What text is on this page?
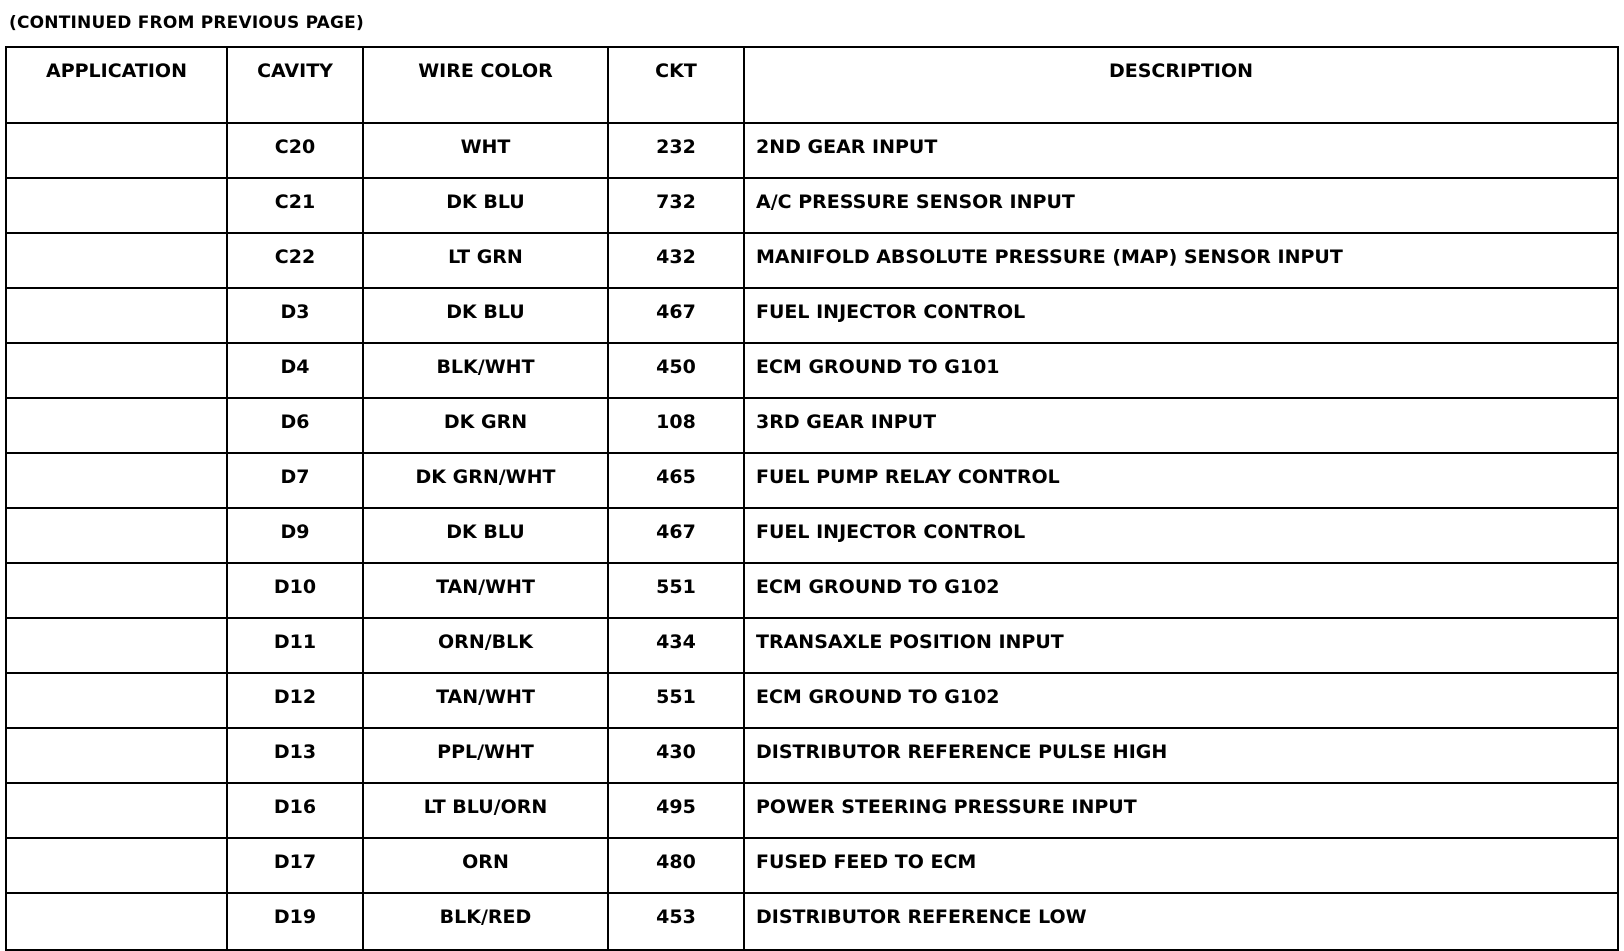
(CONTINUED FROM PREVIOUS PAGE)
APPLICATION	CAVITY	WIRE COLOR	CKT	DESCRIPTION
	C20	WHT	232	2ND GEAR INPUT
	C21	DK BLU	732	A/C PRESSURE SENSOR INPUT
	C22	LT GRN	432	MANIFOLD ABSOLUTE PRESSURE (MAP) SENSOR INPUT
	D3	DK BLU	467	FUEL INJECTOR CONTROL
	D4	BLK/WHT	450	ECM GROUND TO G101
	D6	DK GRN	108	3RD GEAR INPUT
	D7	DK GRN/WHT	465	FUEL PUMP RELAY CONTROL
	D9	DK BLU	467	FUEL INJECTOR CONTROL
	D10	TAN/WHT	551	ECM GROUND TO G102
	D11	ORN/BLK	434	TRANSAXLE POSITION INPUT
	D12	TAN/WHT	551	ECM GROUND TO G102
	D13	PPL/WHT	430	DISTRIBUTOR REFERENCE PULSE HIGH
	D16	LT BLU/ORN	495	POWER STEERING PRESSURE INPUT
	D17	ORN	480	FUSED FEED TO ECM
	D19	BLK/RED	453	DISTRIBUTOR REFERENCE LOW
